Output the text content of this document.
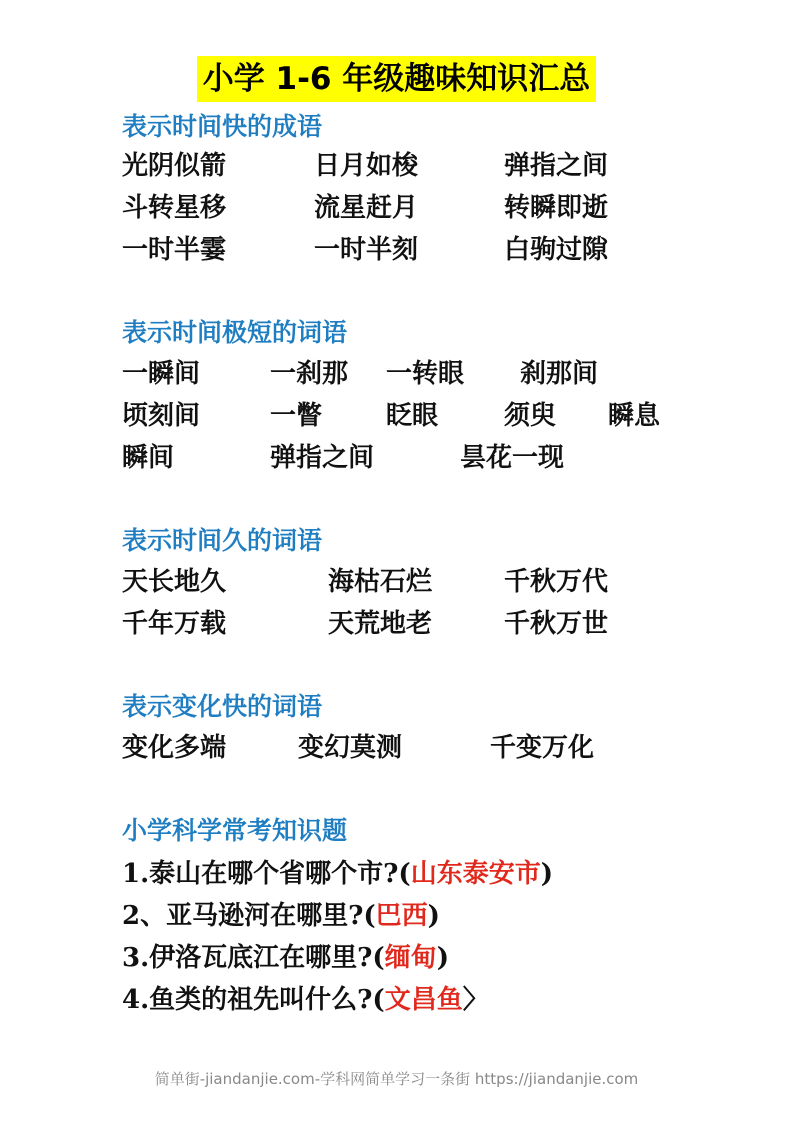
小学 1-6 年级趣味知识汇总
表示时间快的成语
光阴似箭	日月如梭	弹指之间
斗转星移	流星赶月	转瞬即逝
一时半霎	一时半刻	白驹过隙
表示时间极短的词语
一瞬间	一刹那 一转眼 刹那间
顷刻间	一瞥 眨眼	须臾 瞬息
瞬间	弹指之间	昙花一现
表示时间久的词语
天长地久	海枯石烂	千秋万代
千年万载	天荒地老	千秋万世
表示变化快的词语
变化多端	变幻莫测	千变万化
小学科学常考知识题
1.泰山在哪个省哪个市?(山东泰安市)
2、亚马逊河在哪里?(巴西)
3.伊洛瓦底江在哪里?(缅甸)
4.鱼类的祖先叫什么?(文昌鱼〉
简单街-jiandanjie.com-学科网简单学习一条街 https://jiandanjie.com
